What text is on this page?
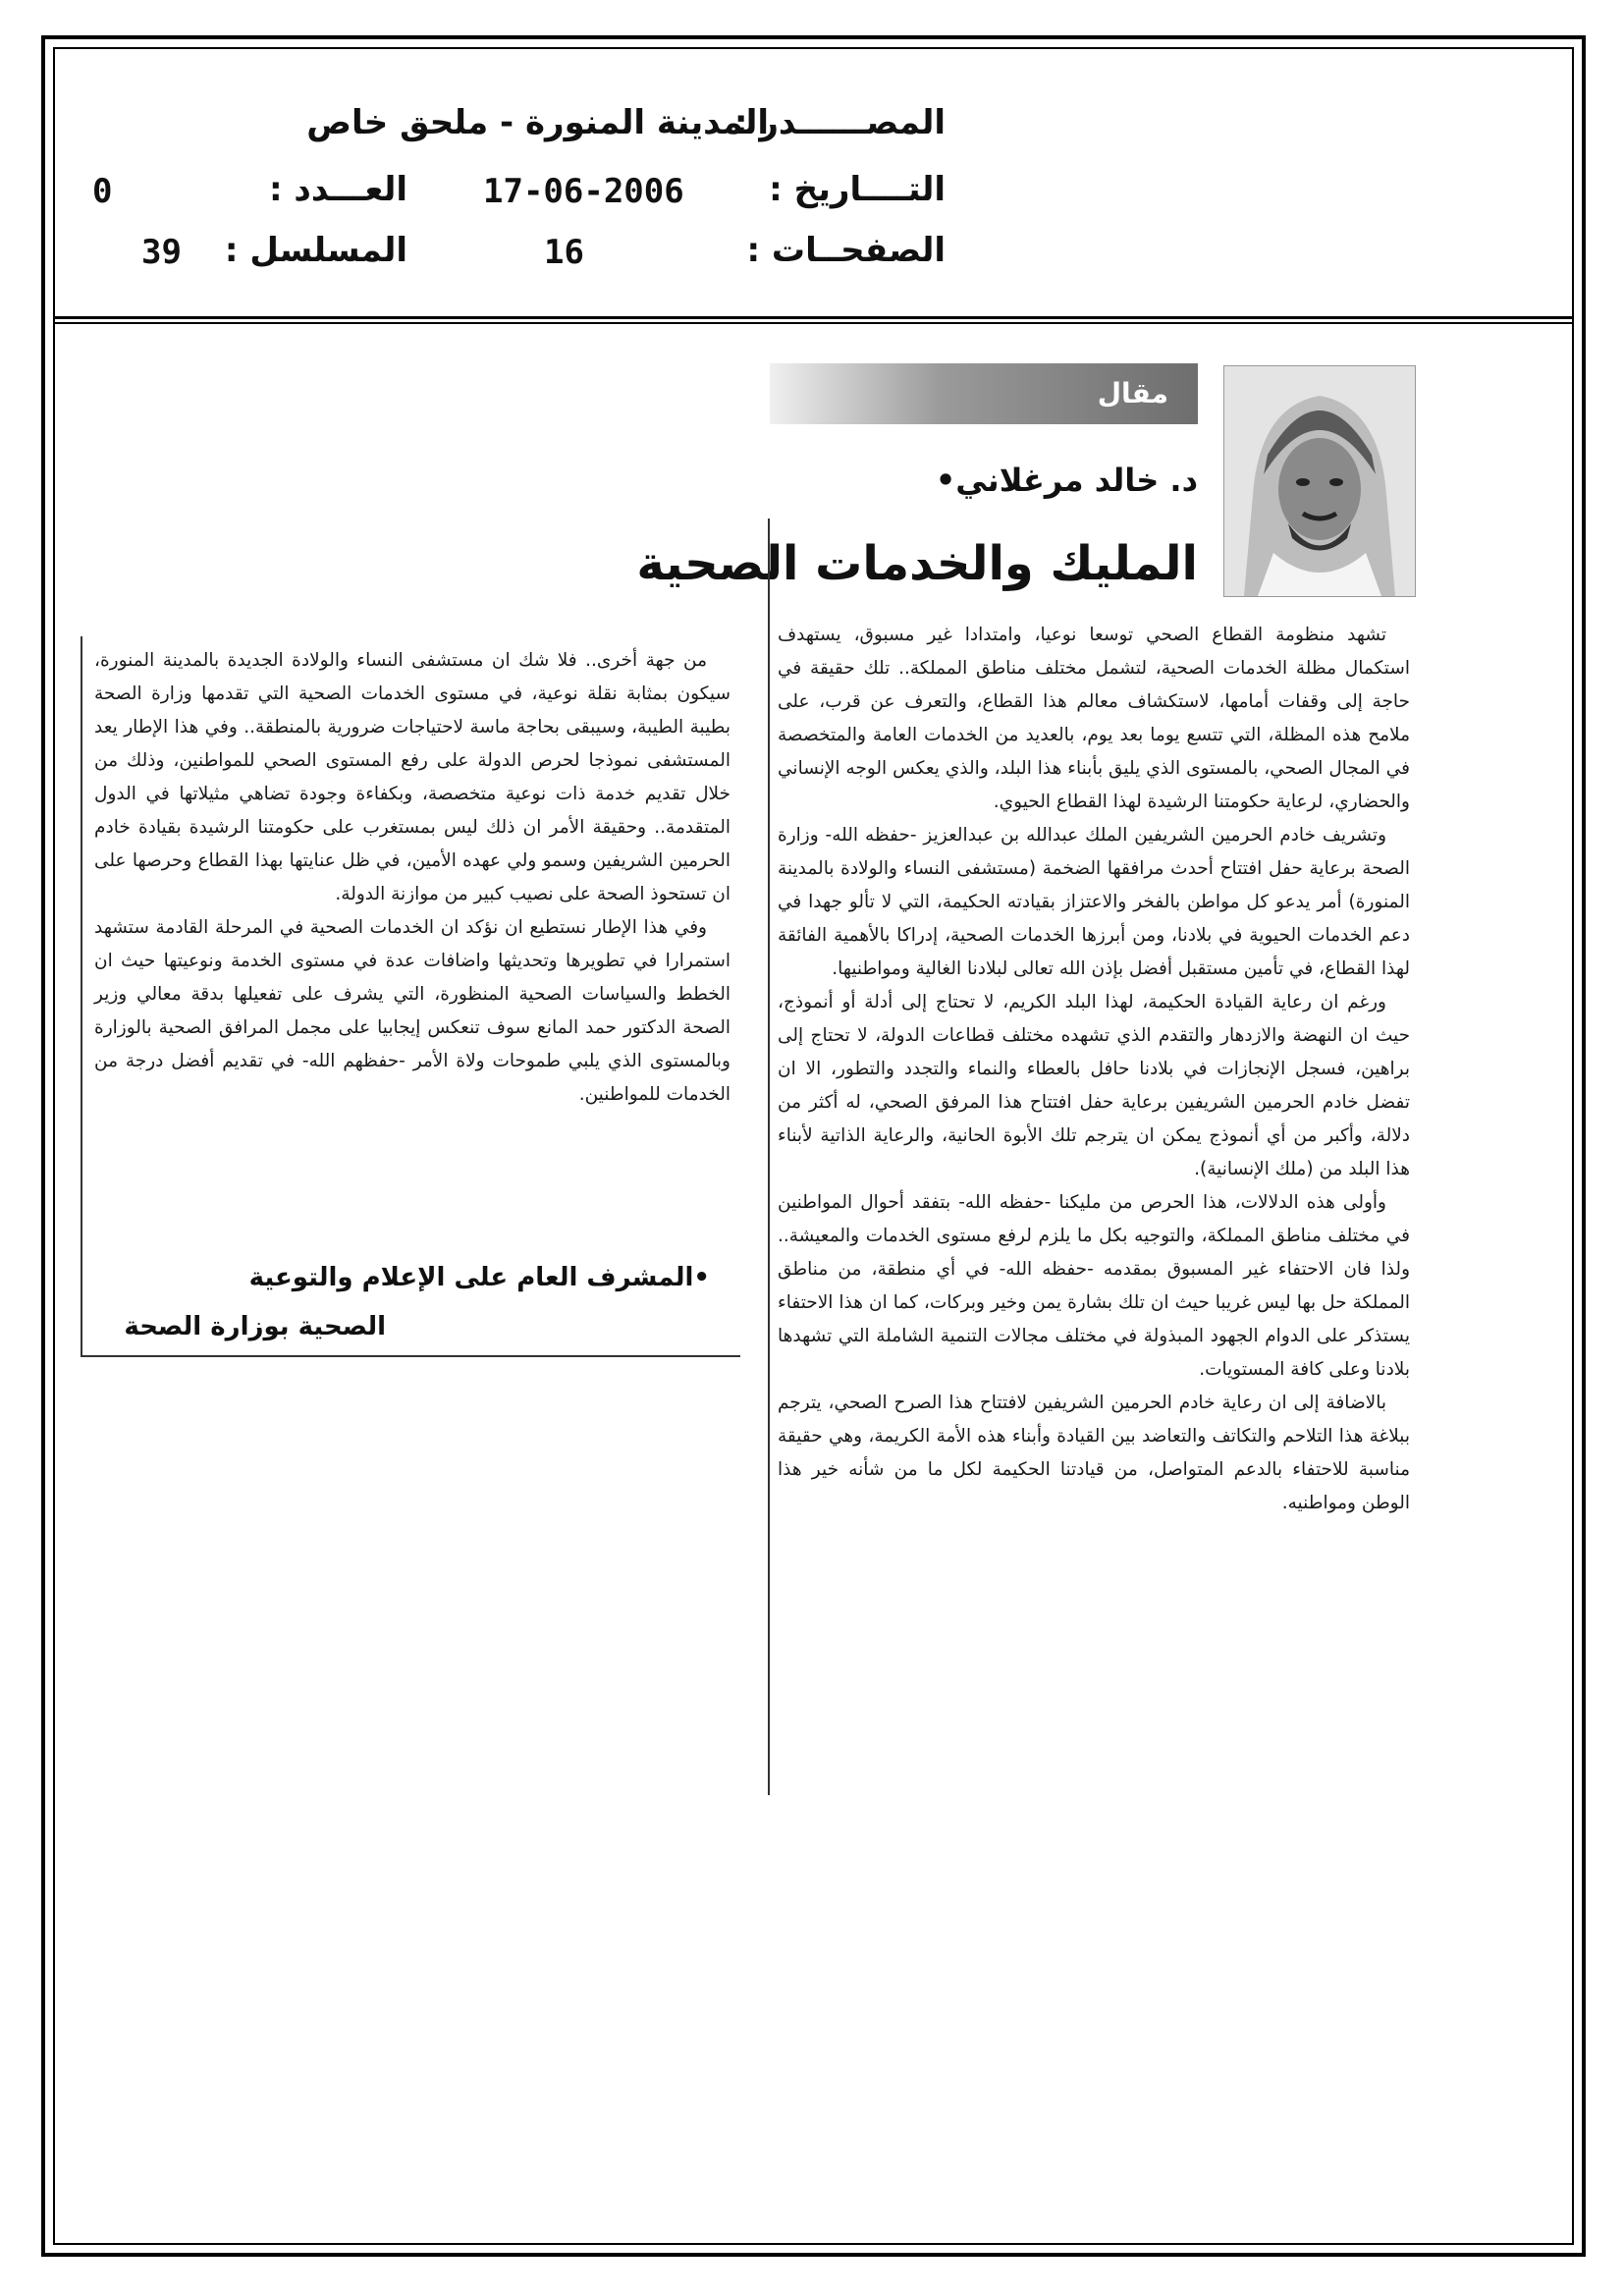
المصــــــدر :
المدينة المنورة - ملحق خاص
التــــاريخ :
17-06-2006
العـــدد :
0
الصفحــات :
16
المسلسل :
39
مقال
د. خالد مرغلاني•
المليك والخدمات الصحية

تشهد منظومة القطاع الصحي توسعا نوعيا، وامتدادا غير مسبوق، يستهدف استكمال مظلة الخدمات الصحية، لتشمل مختلف مناطق المملكة.. تلك حقيقة في حاجة إلى وقفات أمامها، لاستكشاف معالم هذا القطاع، والتعرف عن قرب، على ملامح هذه المظلة، التي تتسع يوما بعد يوم، بالعديد من الخدمات العامة والمتخصصة في المجال الصحي، بالمستوى الذي يليق بأبناء هذا البلد، والذي يعكس الوجه الإنساني والحضاري، لرعاية حكومتنا الرشيدة لهذا القطاع الحيوي.

وتشريف خادم الحرمين الشريفين الملك عبدالله بن عبدالعزيز -حفظه الله- وزارة الصحة برعاية حفل افتتاح أحدث مرافقها الضخمة (مستشفى النساء والولادة بالمدينة المنورة) أمر يدعو كل مواطن بالفخر والاعتزاز بقيادته الحكيمة، التي لا تألو جهدا في دعم الخدمات الحيوية في بلادنا، ومن أبرزها الخدمات الصحية، إدراكا بالأهمية الفائقة لهذا القطاع، في تأمين مستقبل أفضل بإذن الله تعالى لبلادنا الغالية ومواطنيها.

ورغم ان رعاية القيادة الحكيمة، لهذا البلد الكريم، لا تحتاج إلى أدلة أو أنموذج، حيث ان النهضة والازدهار والتقدم الذي تشهده مختلف قطاعات الدولة، لا تحتاج إلى براهين، فسجل الإنجازات في بلادنا حافل بالعطاء والنماء والتجدد والتطور، الا ان تفضل خادم الحرمين الشريفين برعاية حفل افتتاح هذا المرفق الصحي، له أكثر من دلالة، وأكبر من أي أنموذج يمكن ان يترجم تلك الأبوة الحانية، والرعاية الذاتية لأبناء هذا البلد من (ملك الإنسانية).

وأولى هذه الدلالات، هذا الحرص من مليكنا -حفظه الله- بتفقد أحوال المواطنين في مختلف مناطق المملكة، والتوجيه بكل ما يلزم لرفع مستوى الخدمات والمعيشة.. ولذا فان الاحتفاء غير المسبوق بمقدمه -حفظه الله- في أي منطقة، من مناطق المملكة حل بها ليس غريبا حيث ان تلك بشارة يمن وخير وبركات، كما ان هذا الاحتفاء يستذكر على الدوام الجهود المبذولة في مختلف مجالات التنمية الشاملة التي تشهدها بلادنا وعلى كافة المستويات.

بالاضافة إلى ان رعاية خادم الحرمين الشريفين لافتتاح هذا الصرح الصحي، يترجم ببلاغة هذا التلاحم والتكاتف والتعاضد بين القيادة وأبناء هذه الأمة الكريمة، وهي حقيقة مناسبة للاحتفاء بالدعم المتواصل، من قيادتنا الحكيمة لكل ما من شأنه خير هذا الوطن ومواطنيه.

من جهة أخرى.. فلا شك ان مستشفى النساء والولادة الجديدة بالمدينة المنورة، سيكون بمثابة نقلة نوعية، في مستوى الخدمات الصحية التي تقدمها وزارة الصحة بطيبة الطيبة، وسيبقى بحاجة ماسة لاحتياجات ضرورية بالمنطقة.. وفي هذا الإطار يعد المستشفى نموذجا لحرص الدولة على رفع المستوى الصحي للمواطنين، وذلك من خلال تقديم خدمة ذات نوعية متخصصة، وبكفاءة وجودة تضاهي مثيلاتها في الدول المتقدمة.. وحقيقة الأمر ان ذلك ليس بمستغرب على حكومتنا الرشيدة بقيادة خادم الحرمين الشريفين وسمو ولي عهده الأمين، في ظل عنايتها بهذا القطاع وحرصها على ان تستحوذ الصحة على نصيب كبير من موازنة الدولة.

وفي هذا الإطار نستطيع ان نؤكد ان الخدمات الصحية في المرحلة القادمة ستشهد استمرارا في تطويرها وتحديثها واضافات عدة في مستوى الخدمة ونوعيتها حيث ان الخطط والسياسات الصحية المنظورة، التي يشرف على تفعيلها بدقة معالي وزير الصحة الدكتور حمد المانع سوف تنعكس إيجابيا على مجمل المرافق الصحية بالوزارة وبالمستوى الذي يلبي طموحات ولاة الأمر -حفظهم الله- في تقديم أفضل درجة من الخدمات للمواطنين.

•المشرف العام على الإعلام والتوعية
الصحية بوزارة الصحة
